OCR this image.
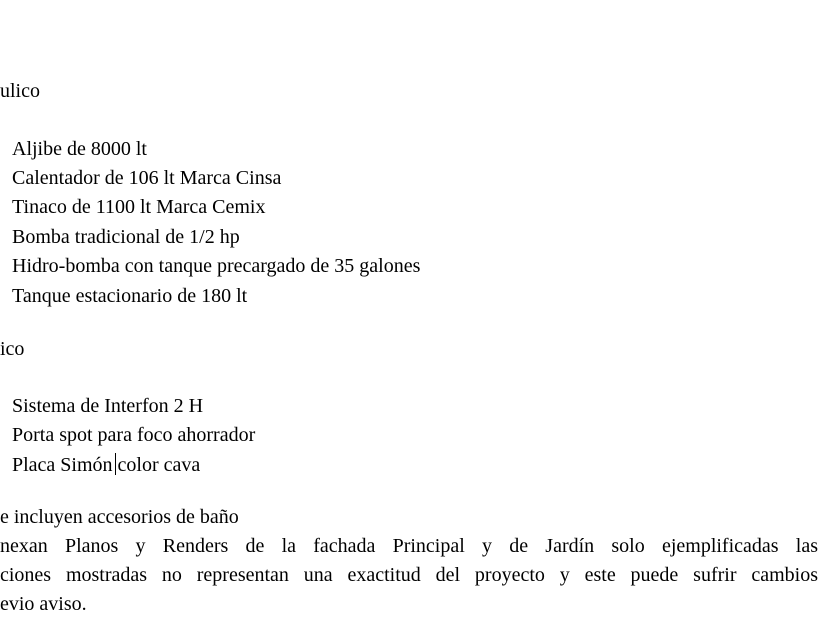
ulico
Aljibe de 8000 lt
Calentador de 106 lt Marca Cinsa
Tinaco de 1100 lt Marca Cemix
Bomba tradicional de 1/2 hp
Hidro-bomba con tanque precargado de 35 galones
Tanque estacionario de 180 lt
ico
Sistema de Interfon 2 H
Porta spot para foco ahorrador
Placa Simón color cava
e incluyen accesorios de baño
nexan Planos y Renders de la fachada Principal y de Jardín solo ejemplificadas las
ciones mostradas no representan una exactitud del proyecto y este puede sufrir cambios
evio aviso.
